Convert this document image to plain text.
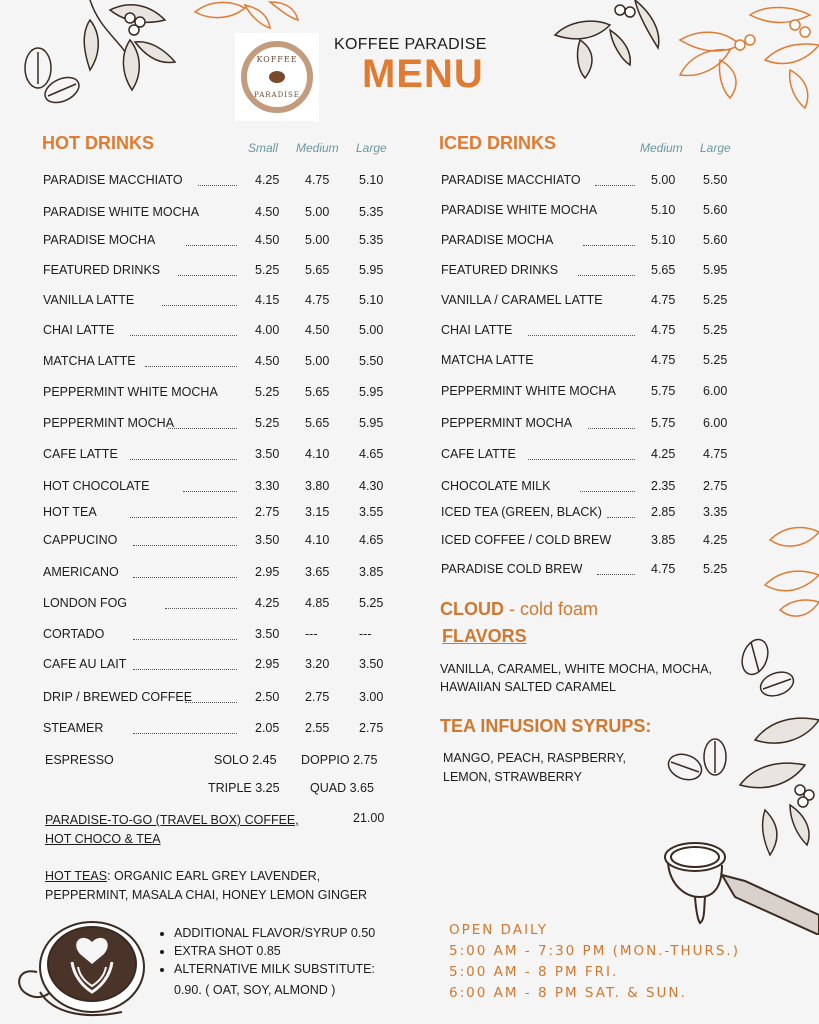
KOFFEE
PARADISE
KOFFEE PARADISE
MENU
HOT DRINKS	Small Medium Large
PARADISE MACCHIATO	4.25 4.75 5.10
PARADISE WHITE MOCHA	4.50 5.00 5.35
PARADISE MOCHA	4.50 5.00 5.35
FEATURED DRINKS	5.25 5.65 5.95
VANILLA LATTE	4.15 4.75 5.10
CHAI LATTE	4.00 4.50 5.00
MATCHA LATTE	4.50 5.00 5.50
PEPPERMINT WHITE MOCHA	5.25 5.65 5.95
PEPPERMINT MOCHA	5.25 5.65 5.95
CAFE LATTE	3.50 4.10 4.65
HOT CHOCOLATE	3.30 3.80 4.30
HOT TEA	2.75 3.15 3.55
CAPPUCINO	3.50 4.10 4.65
AMERICANO	2.95 3.65 3.85
LONDON FOG	4.25 4.85 5.25
CORTADO	3.50 ---	---
CAFE AU LAIT	2.95 3.20 3.50
DRIP / BREWED COFFEE	2.50 2.75 3.00
STEAMER	2.05 2.55 2.75
ESPRESSO	SOLO 2.45 DOPPIO 2.75
TRIPLE 3.25 QUAD 3.65
PARADISE-TO-GO (TRAVEL BOX) COFFEE,
HOT CHOCO & TEA
21.00
HOT TEAS: ORGANIC EARL GREY LAVENDER,
PEPPERMINT, MASALA CHAI, HONEY LEMON GINGER
• ADDITIONAL FLAVOR/SYRUP 0.50
• EXTRA SHOT 0.85
• ALTERNATIVE MILK SUBSTITUTE:
0.90. ( OAT, SOY, ALMOND )
ICED DRINKS	Medium Large
PARADISE MACCHIATO	5.00 5.50
PARADISE WHITE MOCHA	5.10 5.60
PARADISE MOCHA	5.10 5.60
FEATURED DRINKS	5.65 5.95
VANILLA / CARAMEL LATTE	4.75 5.25
CHAI LATTE	4.75 5.25
MATCHA LATTE	4.75 5.25
PEPPERMINT WHITE MOCHA	5.75 6.00
PEPPERMINT MOCHA	5.75 6.00
CAFE LATTE	4.25 4.75
CHOCOLATE MILK	2.35 2.75
ICED TEA (GREEN, BLACK)	2.85 3.35
ICED COFFEE / COLD BREW	3.85 4.25
PARADISE COLD BREW	4.75 5.25
CLOUD - cold foam
FLAVORS
VANILLA, CARAMEL, WHITE MOCHA, MOCHA,
HAWAIIAN SALTED CARAMEL
TEA INFUSION SYRUPS:
MANGO, PEACH, RASPBERRY,
LEMON, STRAWBERRY
OPEN DAILY
5:00 AM - 7:30 PM (MON.-THURS.)
5:00 AM - 8 PM FRI.
6:00 AM - 8 PM SAT. & SUN.
